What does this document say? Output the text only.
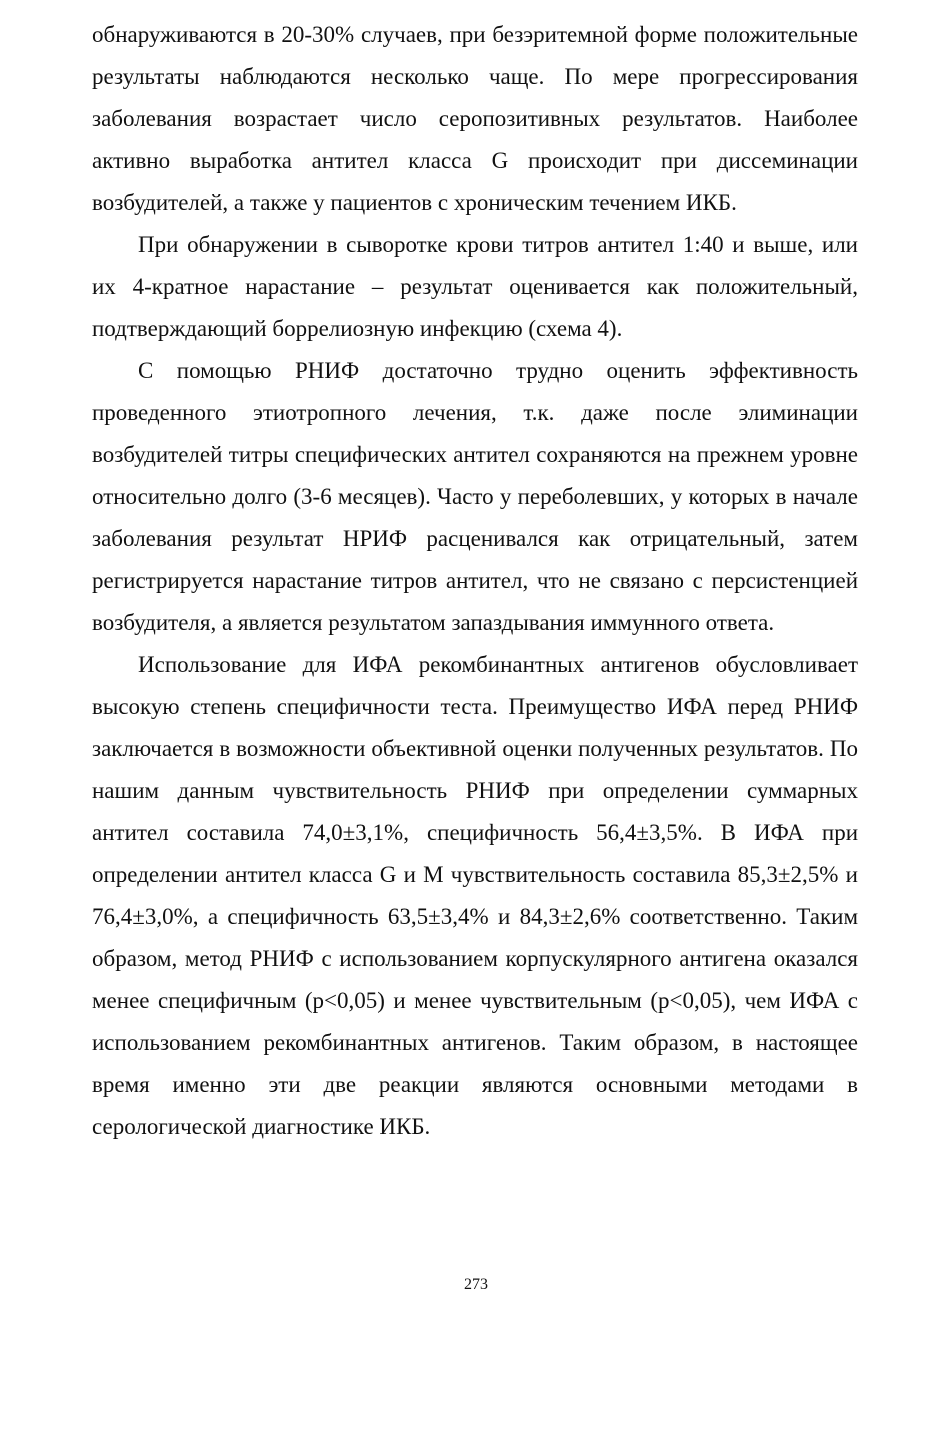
обнаруживаются в 20-30% случаев, при безэритемной форме положительные результаты наблюдаются несколько чаще. По мере прогрессирования заболевания возрастает число серопозитивных результатов. Наиболее активно выработка антител класса G происходит при диссеминации возбудителей, а также у пациентов с хроническим течением ИКБ.

При обнаружении в сыворотке крови титров антител 1:40 и выше, или их 4-кратное нарастание – результат оценивается как положительный, подтверждающий боррелиозную инфекцию (схема 4).

С помощью РНИФ достаточно трудно оценить эффективность проведенного этиотропного лечения, т.к. даже после элиминации возбудителей титры специфических антител сохраняются на прежнем уровне относительно долго (3-6 месяцев). Часто у переболевших, у которых в начале заболевания результат НРИФ расценивался как отрицательный, затем регистрируется нарастание титров антител, что не связано с персистенцией возбудителя, а является результатом запаздывания иммунного ответа.

Использование для ИФА рекомбинантных антигенов обусловливает высокую степень специфичности теста. Преимущество ИФА перед РНИФ заключается в возможности объективной оценки полученных результатов. По нашим данным чувствительность РНИФ при определении суммарных антител составила 74,0±3,1%, специфичность 56,4±3,5%. В ИФА при определении антител класса G и M чувствительность составила 85,3±2,5% и 76,4±3,0%, а специфичность 63,5±3,4% и 84,3±2,6% соответственно. Таким образом, метод РНИФ с использованием корпускулярного антигена оказался менее специфичным (р<0,05) и менее чувствительным (р<0,05), чем ИФА с использованием рекомбинантных антигенов. Таким образом, в настоящее время именно эти две реакции являются основными методами в серологической диагностике ИКБ.

273
